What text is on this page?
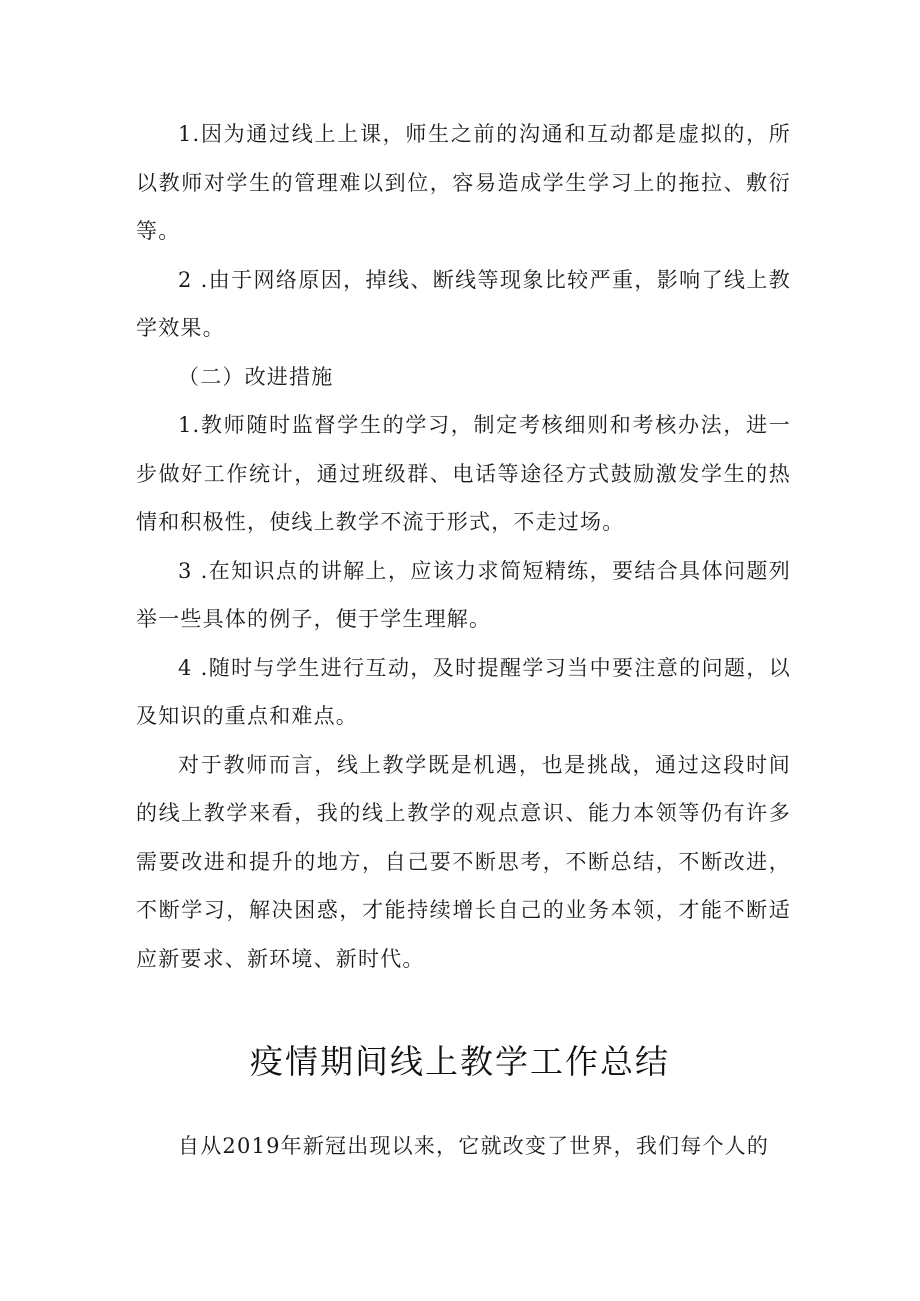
1.因为通过线上上课，师生之前的沟通和互动都是虚拟的，所以教师对学生的管理难以到位，容易造成学生学习上的拖拉、敷衍等。

2 .由于网络原因，掉线、断线等现象比较严重，影响了线上教学效果。

（二）改进措施

1.教师随时监督学生的学习，制定考核细则和考核办法，进一步做好工作统计，通过班级群、电话等途径方式鼓励激发学生的热情和积极性，使线上教学不流于形式，不走过场。

3 .在知识点的讲解上，应该力求简短精练，要结合具体问题列举一些具体的例子，便于学生理解。

4 .随时与学生进行互动，及时提醒学习当中要注意的问题，以及知识的重点和难点。

对于教师而言，线上教学既是机遇，也是挑战，通过这段时间的线上教学来看，我的线上教学的观点意识、能力本领等仍有许多需要改进和提升的地方，自己要不断思考，不断总结，不断改进，不断学习，解决困惑，才能持续增长自己的业务本领，才能不断适应新要求、新环境、新时代。

疫情期间线上教学工作总结

自从2019年新冠出现以来，它就改变了世界，我们每个人的
